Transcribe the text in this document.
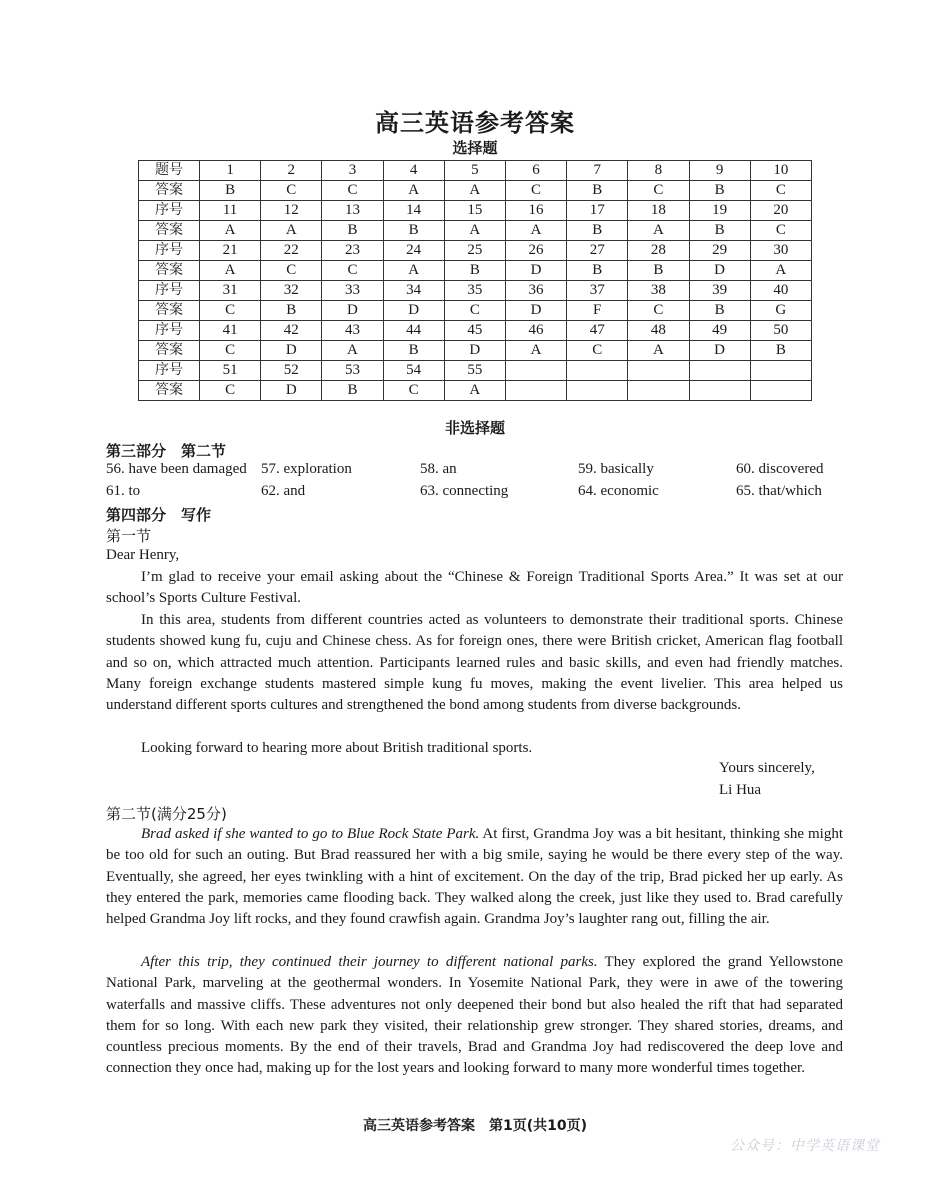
高三英语参考答案
选择题
题号	1	2	3	4	5	6	7	8	9	10
答案	B	C	C	A	A	C	B	C	B	C
序号	11	12	13	14	15	16	17	18	19	20
答案	A	A	B	B	A	A	B	A	B	C
序号	21	22	23	24	25	26	27	28	29	30
答案	A	C	C	A	B	D	B	B	D	A
序号	31	32	33	34	35	36	37	38	39	40
答案	C	B	D	D	C	D	F	C	B	G
序号	41	42	43	44	45	46	47	48	49	50
答案	C	D	A	B	D	A	C	A	D	B
序号	51	52	53	54	55					
答案	C	D	B	C	A					
非选择题
第三部分　第二节
56. have been damaged 57. exploration	58. an	59. basically	60. discovered
61. to	62. and	63. connecting	64. economic	65. that/which
第四部分　写作
第一节
Dear Henry,

I’m glad to receive your email asking about the “Chinese & Foreign Traditional Sports Area.” It was set at our school’s Sports Culture Festival.

In this area, students from different countries acted as volunteers to demonstrate their traditional sports. Chinese students showed kung fu, cuju and Chinese chess. As for foreign ones, there were British cricket, American flag football and so on, which attracted much attention. Participants learned rules and basic skills, and even had friendly matches. Many foreign exchange students mastered simple kung fu moves, making the event livelier. This area helped us understand different sports cultures and strengthened the bond among students from diverse backgrounds.

Looking forward to hearing more about British traditional sports.

Yours sincerely,
Li Hua
第二节(满分25分)

Brad asked if she wanted to go to Blue Rock State Park. At first, Grandma Joy was a bit hesitant, thinking she might be too old for such an outing. But Brad reassured her with a big smile, saying he would be there every step of the way. Eventually, she agreed, her eyes twinkling with a hint of excitement. On the day of the trip, Brad picked her up early. As they entered the park, memories came flooding back. They walked along the creek, just like they used to. Brad carefully helped Grandma Joy lift rocks, and they found crawfish again. Grandma Joy’s laughter rang out, filling the air.

After this trip, they continued their journey to different national parks. They explored the grand Yellowstone National Park, marveling at the geothermal wonders. In Yosemite National Park, they were in awe of the towering waterfalls and massive cliffs. These adventures not only deepened their bond but also healed the rift that had separated them for so long. With each new park they visited, their relationship grew stronger. They shared stories, dreams, and countless precious moments. By the end of their travels, Brad and Grandma Joy had rediscovered the deep love and connection they once had, making up for the lost years and looking forward to many more wonderful times together.

高三英语参考答案　第1页(共10页)
公众号：中学英语课堂
